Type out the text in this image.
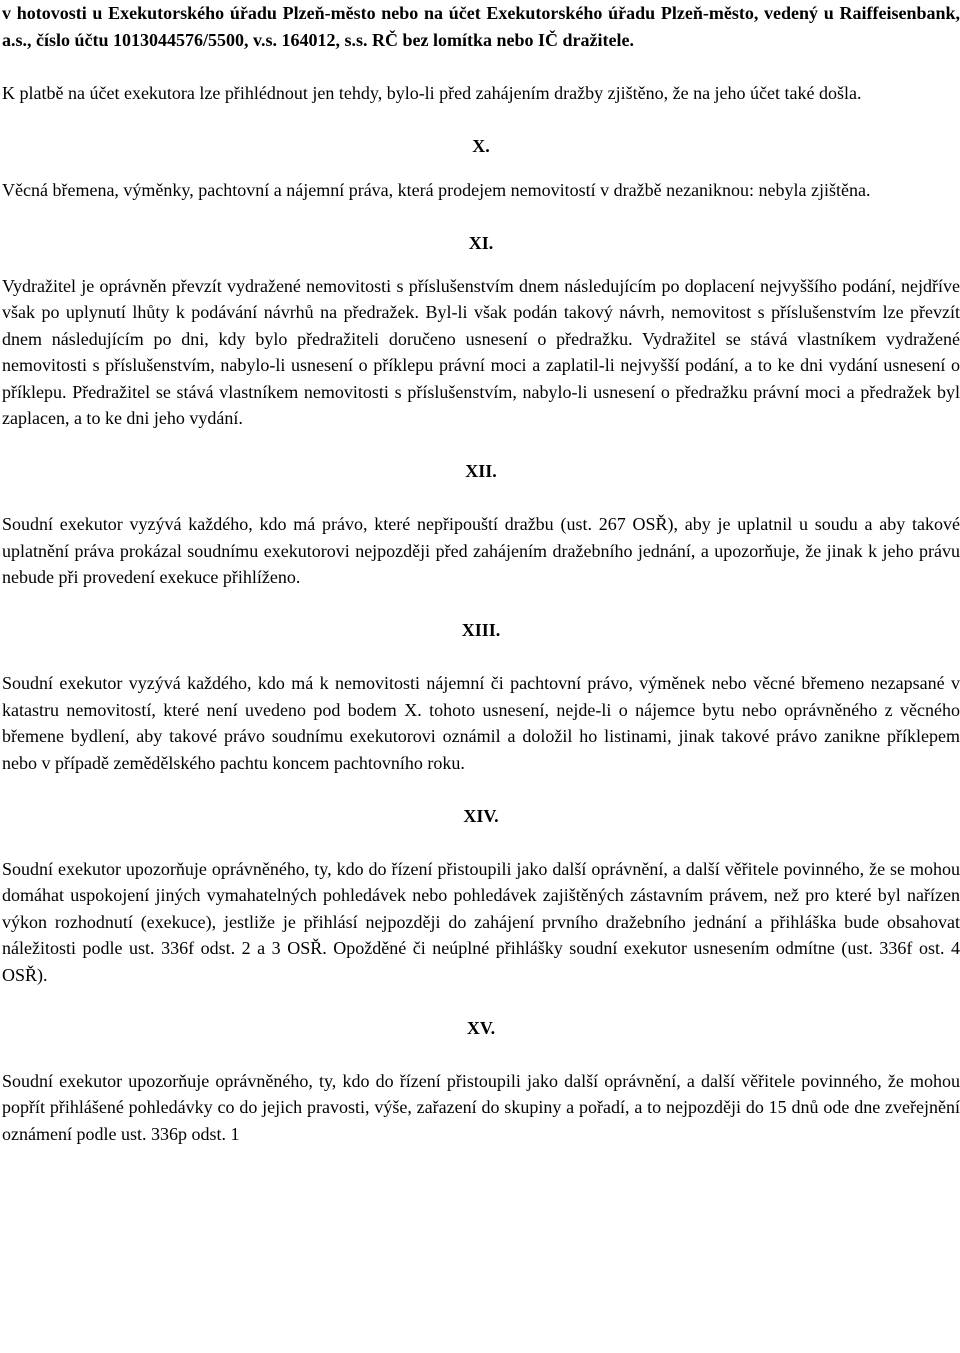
v hotovosti u Exekutorského úřadu Plzeň-město nebo na účet Exekutorského úřadu Plzeň-město, vedený u Raiffeisenbank, a.s., číslo účtu 1013044576/5500, v.s. 164012, s.s. RČ bez lomítka nebo IČ dražitele.

K platbě na účet exekutora lze přihlédnout jen tehdy, bylo-li před zahájením dražby zjištěno, že na jeho účet také došla.

X.

Věcná břemena, výměnky, pachtovní a nájemní práva, která prodejem nemovitostí v dražbě nezaniknou: nebyla zjištěna.

XI.

Vydražitel je oprávněn převzít vydražené nemovitosti s příslušenstvím dnem následujícím po doplacení nejvyššího podání, nejdříve však po uplynutí lhůty k podávání návrhů na předražek. Byl-li však podán takový návrh, nemovitost s příslušenstvím lze převzít dnem následujícím po dni, kdy bylo předražiteli doručeno usnesení o předražku. Vydražitel se stává vlastníkem vydražené nemovitosti s příslušenstvím, nabylo-li usnesení o příklepu právní moci a zaplatil-li nejvyšší podání, a to ke dni vydání usnesení o příklepu. Předražitel se stává vlastníkem nemovitosti s příslušenstvím, nabylo-li usnesení o předražku právní moci a předražek byl zaplacen, a to ke dni jeho vydání.

XII.

Soudní exekutor vyzývá každého, kdo má právo, které nepřipouští dražbu (ust. 267 OSŘ), aby je uplatnil u soudu a aby takové uplatnění práva prokázal soudnímu exekutorovi nejpozději před zahájením dražebního jednání, a upozorňuje, že jinak k jeho právu nebude při provedení exekuce přihlíženo.

XIII.

Soudní exekutor vyzývá každého, kdo má k nemovitosti nájemní či pachtovní právo, výměnek nebo věcné břemeno nezapsané v katastru nemovitostí, které není uvedeno pod bodem X. tohoto usnesení, nejde-li o nájemce bytu nebo oprávněného z věcného břemene bydlení, aby takové právo soudnímu exekutorovi oznámil a doložil ho listinami, jinak takové právo zanikne příklepem nebo v případě zemědělského pachtu koncem pachtovního roku.

XIV.

Soudní exekutor upozorňuje oprávněného, ty, kdo do řízení přistoupili jako další oprávnění, a další věřitele povinného, že se mohou domáhat uspokojení jiných vymahatelných pohledávek nebo pohledávek zajištěných zástavním právem, než pro které byl nařízen výkon rozhodnutí (exekuce), jestliže je přihlásí nejpozději do zahájení prvního dražebního jednání a přihláška bude obsahovat náležitosti podle ust. 336f odst. 2 a 3 OSŘ. Opožděné či neúplné přihlášky soudní exekutor usnesením odmítne (ust. 336f ost. 4 OSŘ).

XV.

Soudní exekutor upozorňuje oprávněného, ty, kdo do řízení přistoupili jako další oprávnění, a další věřitele povinného, že mohou popřít přihlášené pohledávky co do jejich pravosti, výše, zařazení do skupiny a pořadí, a to nejpozději do 15 dnů ode dne zveřejnění oznámení podle ust. 336p odst. 1
